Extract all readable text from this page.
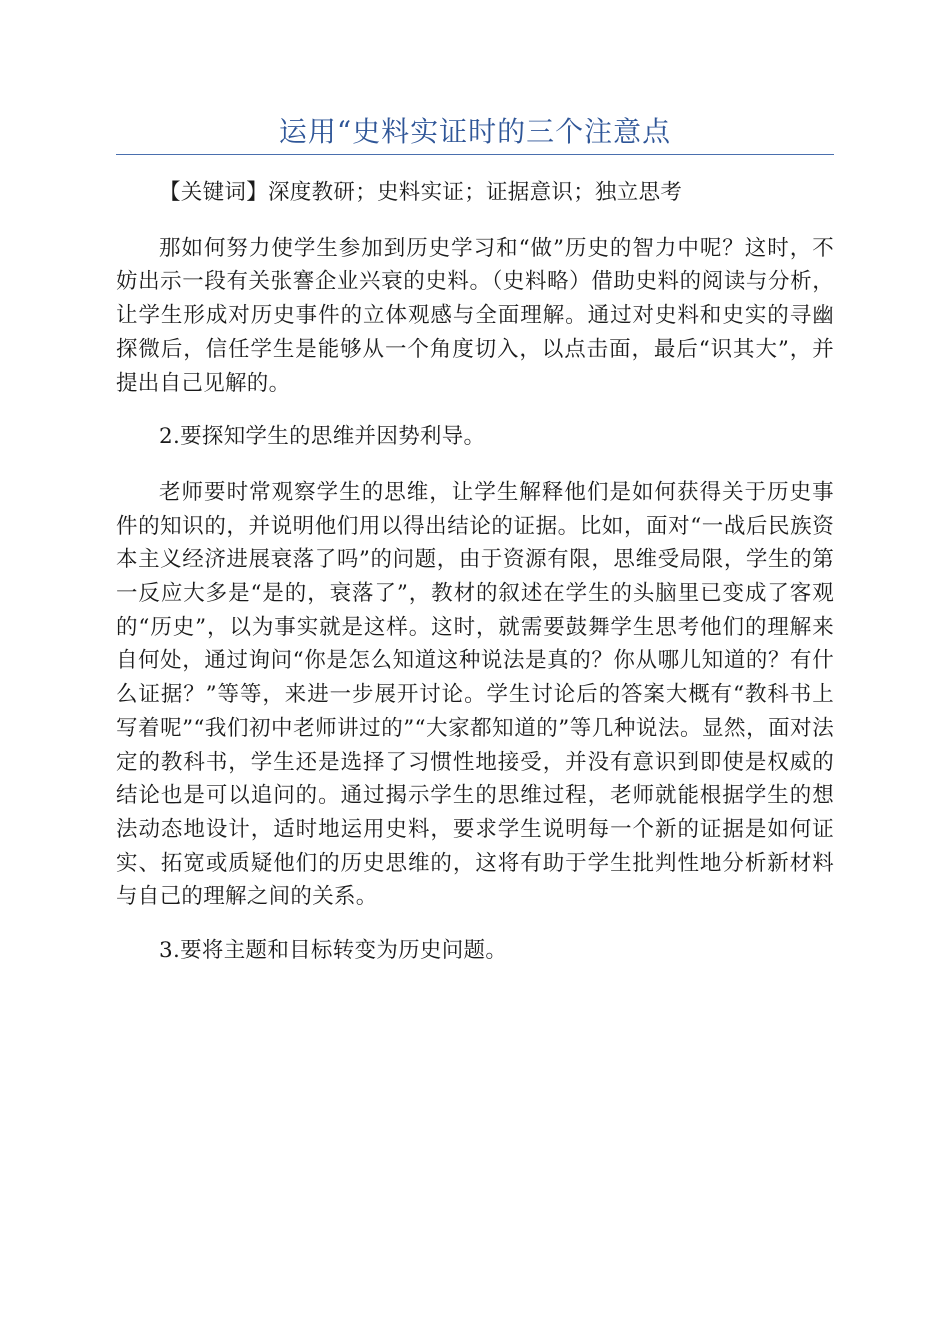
运用“史料实证时的三个注意点

【关键词】深度教研；史料实证；证据意识；独立思考

那如何努力使学生参加到历史学习和“做”历史的智力中呢？这时，不妨出示一段有关张謇企业兴衰的史料。（史料略）借助史料的阅读与分析，让学生形成对历史事件的立体观感与全面理解。通过对史料和史实的寻幽探微后，信任学生是能够从一个角度切入，以点击面，最后“识其大”，并提出自己见解的。

2.要探知学生的思维并因势利导。

老师要时常观察学生的思维，让学生解释他们是如何获得关于历史事件的知识的，并说明他们用以得出结论的证据。比如，面对“一战后民族资本主义经济进展衰落了吗”的问题，由于资源有限，思维受局限，学生的第一反应大多是“是的，衰落了”，教材的叙述在学生的头脑里已变成了客观的“历史”，以为事实就是这样。这时，就需要鼓舞学生思考他们的理解来自何处，通过询问“你是怎么知道这种说法是真的？你从哪儿知道的？有什么证据？”等等，来进一步展开讨论。学生讨论后的答案大概有“教科书上写着呢”“我们初中老师讲过的”“大家都知道的”等几种说法。显然，面对法定的教科书，学生还是选择了习惯性地接受，并没有意识到即使是权威的结论也是可以追问的。通过揭示学生的思维过程，老师就能根据学生的想法动态地设计，适时地运用史料，要求学生说明每一个新的证据是如何证实、拓宽或质疑他们的历史思维的，这将有助于学生批判性地分析新材料与自己的理解之间的关系。

3.要将主题和目标转变为历史问题。
